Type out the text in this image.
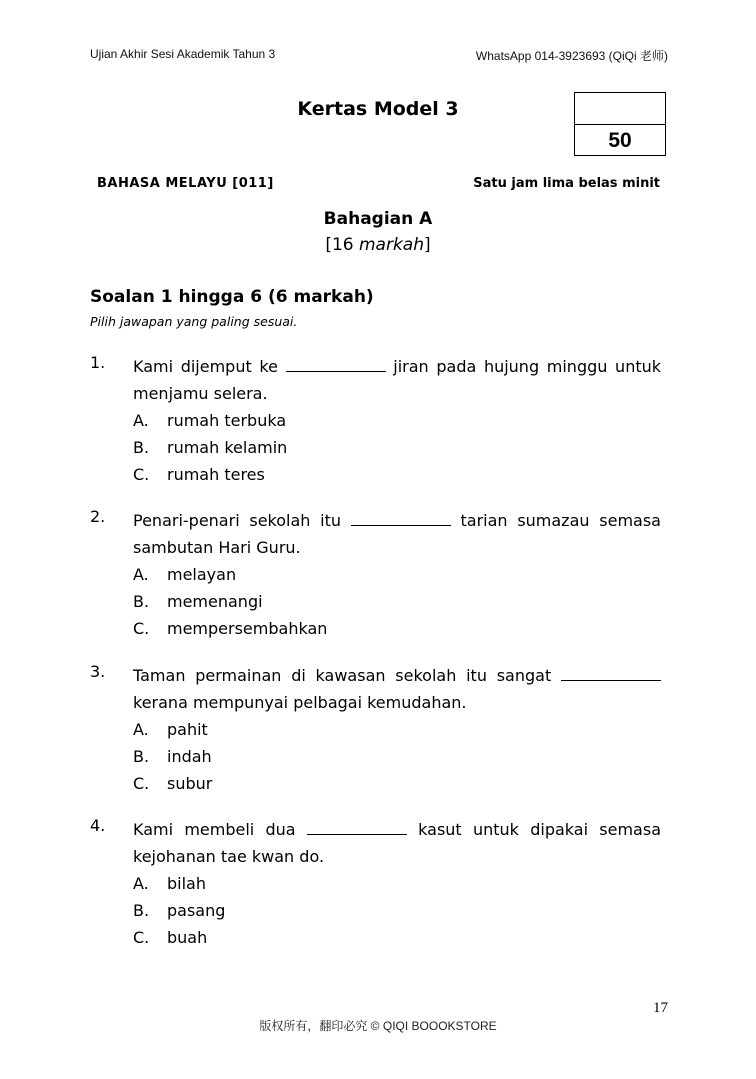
Ujian Akhir Sesi Akademik Tahun 3	WhatsApp 014-3923693 (QiQi 老师)
Kertas Model 3
50
BAHASA MELAYU [011]	Satu jam lima belas minit
Bahagian A
[16 markah]
Soalan 1 hingga 6 (6 markah)
Pilih jawapan yang paling sesuai.
1. Kami dijemput ke	jiran pada hujung minggu untuk menjamu selera.
A.	rumah terbuka
B.	rumah kelamin
C.	rumah teres
2. Penari-penari sekolah itu	tarian sumazau semasa sambutan Hari Guru.
A.	melayan
B.	memenangi
C.	mempersembahkan
3. Taman permainan di kawasan sekolah itu sangat  kerana mempunyai pelbagai kemudahan.
A.	pahit
B.	indah
C.	subur
4. Kami membeli dua	kasut untuk dipakai semasa kejohanan tae kwan do.
A.	bilah
B.	pasang
C.	buah
17
版权所有，翻印必究 © QIQI BOOOKSTORE
